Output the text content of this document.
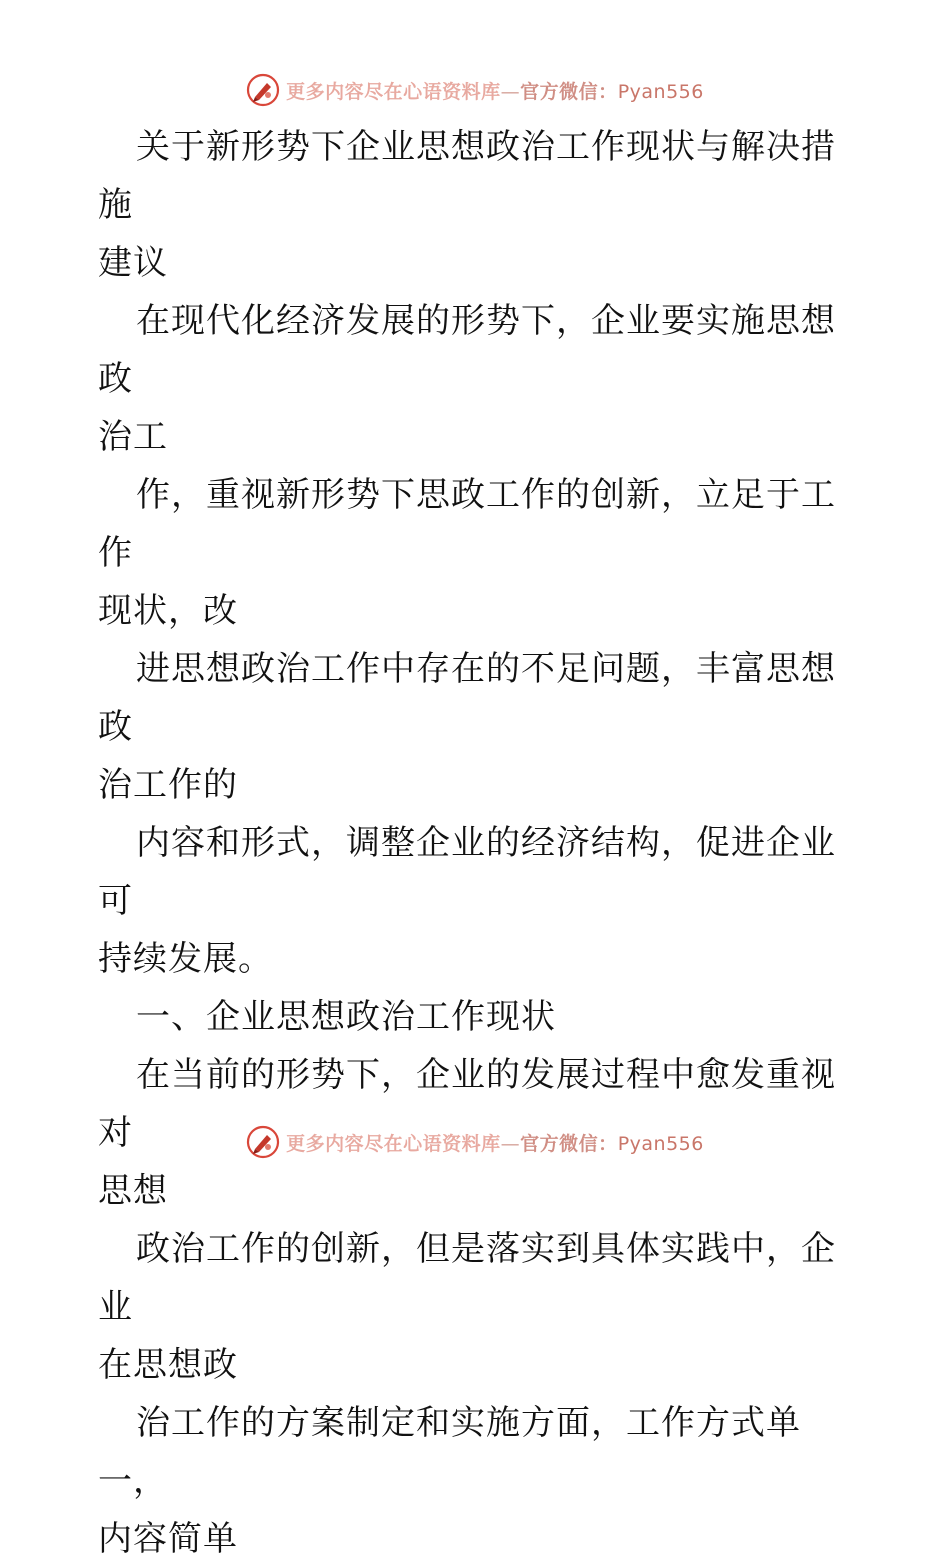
更多内容尽在心语资料库—官方微信：Pyan556

关于新形势下企业思想政治工作现状与解决措施
建议

在现代化经济发展的形势下，企业要实施思想政
治工

作，重视新形势下思政工作的创新，立足于工作
现状，改

进思想政治工作中存在的不足问题，丰富思想政
治工作的

内容和形式，调整企业的经济结构，促进企业可
持续发展。

一、企业思想政治工作现状

在当前的形势下，企业的发展过程中愈发重视对
思想

政治工作的创新，但是落实到具体实践中，企业
在思想政

治工作的方案制定和实施方面，工作方式单一，
内容简单

更多内容尽在心语资料库—官方微信：Pyan556
